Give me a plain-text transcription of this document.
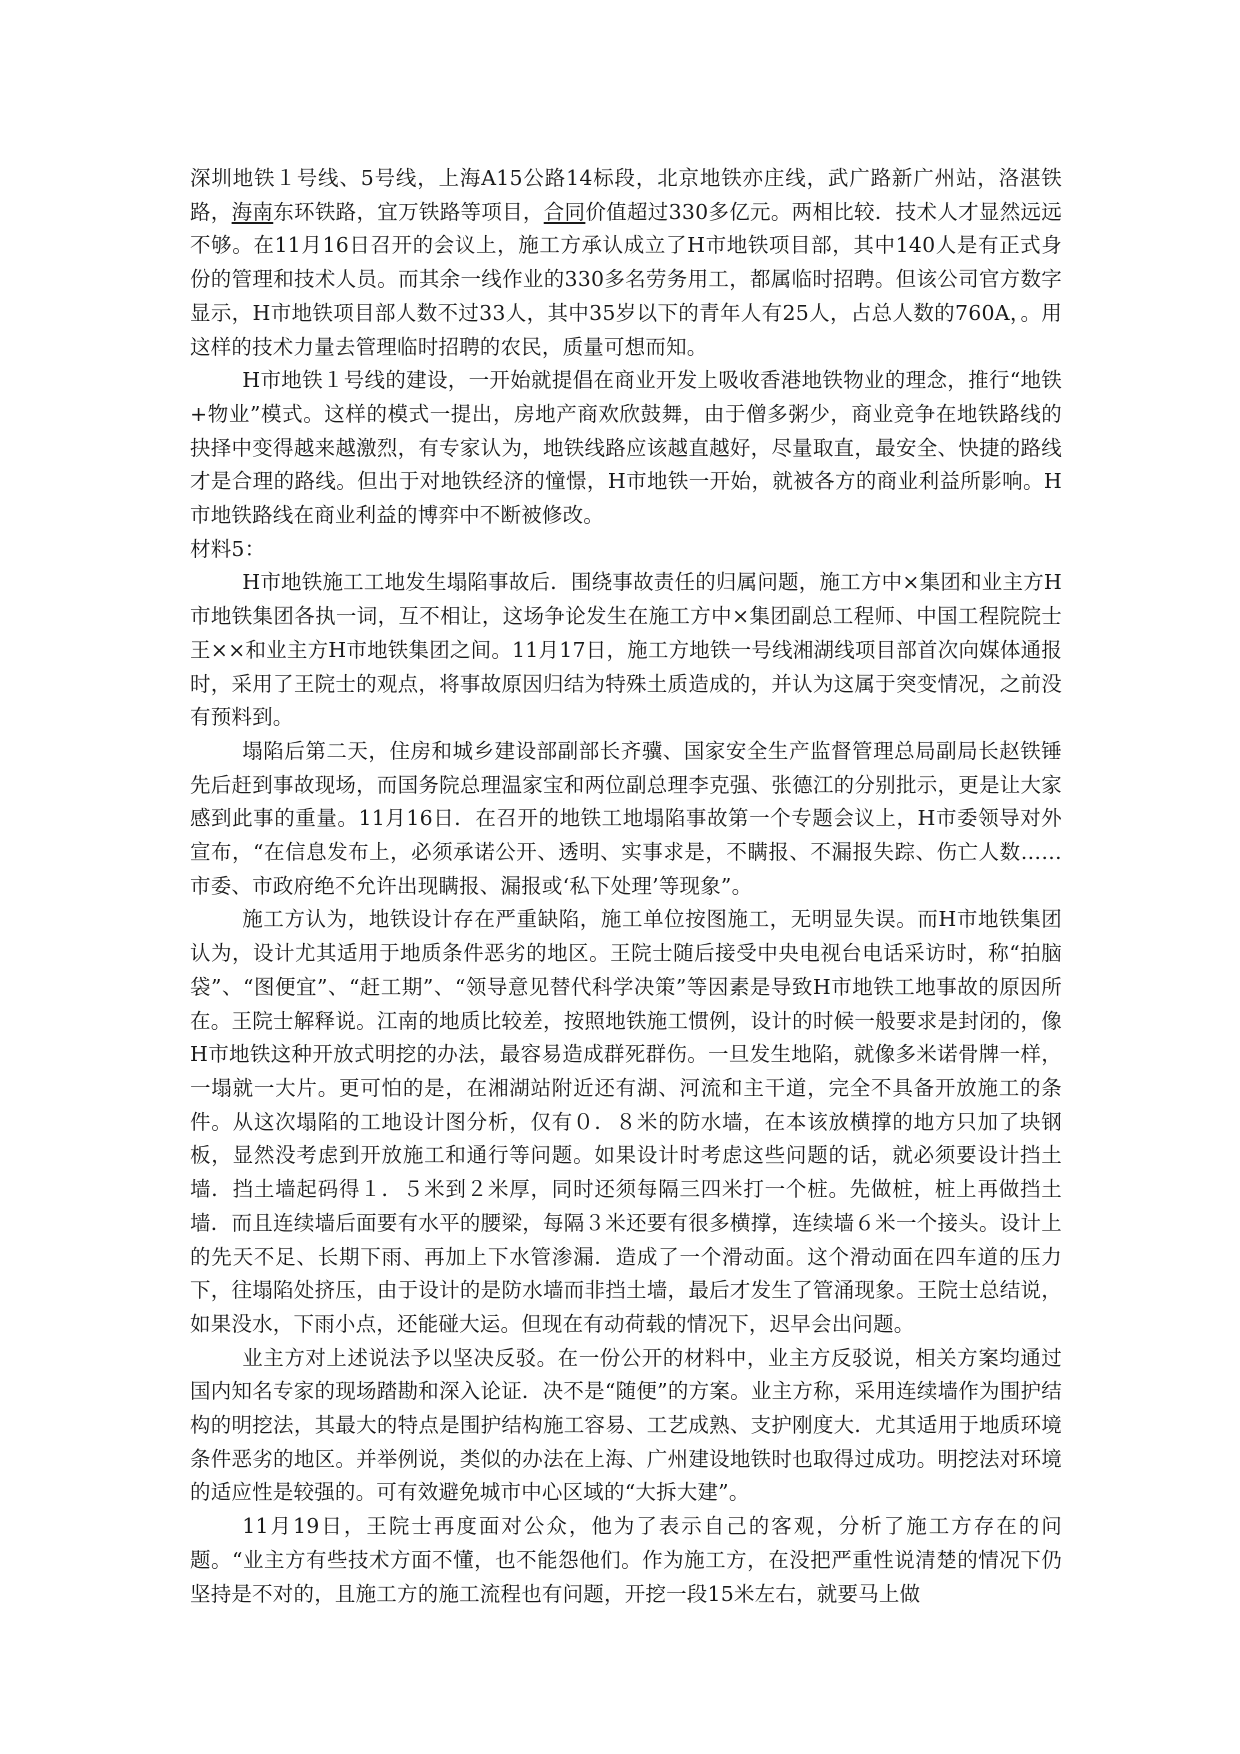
深圳地铁１号线、5号线，上海A15公路14标段，北京地铁亦庄线，武广路新广州站，洛湛铁路，海南东环铁路，宜万铁路等项目，合同价值超过330多亿元。两相比较．技术人才显然远远不够。在11月16日召开的会议上，施工方承认成立了H市地铁项目部，其中140人是有正式身份的管理和技术人员。而其余一线作业的330多名劳务用工，都属临时招聘。但该公司官方数字显示，H市地铁项目部人数不过33人，其中35岁以下的青年人有25人，占总人数的760A，。用这样的技术力量去管理临时招聘的农民，质量可想而知。

H市地铁１号线的建设，一开始就提倡在商业开发上吸收香港地铁物业的理念，推行“地铁+物业”模式。这样的模式一提出，房地产商欢欣鼓舞，由于僧多粥少，商业竞争在地铁路线的抉择中变得越来越激烈，有专家认为，地铁线路应该越直越好，尽量取直，最安全、快捷的路线才是合理的路线。但出于对地铁经济的憧憬，H市地铁一开始，就被各方的商业利益所影响。H市地铁路线在商业利益的博弈中不断被修改。

材料5：

H市地铁施工工地发生塌陷事故后．围绕事故责任的归属问题，施工方中×集团和业主方H市地铁集团各执一词，互不相让，这场争论发生在施工方中×集团副总工程师、中国工程院院士王××和业主方H市地铁集团之间。11月17日，施工方地铁一号线湘湖线项目部首次向媒体通报时，采用了王院士的观点，将事故原因归结为特殊土质造成的，并认为这属于突变情况，之前没有预料到。

塌陷后第二天，住房和城乡建设部副部长齐骥、国家安全生产监督管理总局副局长赵铁锤先后赶到事故现场，而国务院总理温家宝和两位副总理李克强、张德江的分别批示，更是让大家感到此事的重量。11月16日．在召开的地铁工地塌陷事故第一个专题会议上，H市委领导对外宣布，“在信息发布上，必须承诺公开、透明、实事求是，不瞒报、不漏报失踪、伤亡人数……市委、市政府绝不允许出现瞒报、漏报或‘私下处理’等现象”。

施工方认为，地铁设计存在严重缺陷，施工单位按图施工，无明显失误。而H市地铁集团认为，设计尤其适用于地质条件恶劣的地区。王院士随后接受中央电视台电话采访时，称“拍脑袋”、“图便宜”、“赶工期”、“领导意见替代科学决策”等因素是导致H市地铁工地事故的原因所在。王院士解释说。江南的地质比较差，按照地铁施工惯例，设计的时候一般要求是封闭的，像H市地铁这种开放式明挖的办法，最容易造成群死群伤。一旦发生地陷，就像多米诺骨牌一样，一塌就一大片。更可怕的是，在湘湖站附近还有湖、河流和主干道，完全不具备开放施工的条件。从这次塌陷的工地设计图分析，仅有０．８米的防水墙，在本该放横撑的地方只加了块钢板，显然没考虑到开放施工和通行等问题。如果设计时考虑这些问题的话，就必须要设计挡土墙．挡土墙起码得１．５米到２米厚，同时还须每隔三四米打一个桩。先做桩，桩上再做挡土墙．而且连续墙后面要有水平的腰梁，每隔３米还要有很多横撑，连续墙６米一个接头。设计上的先天不足、长期下雨、再加上下水管渗漏．造成了一个滑动面。这个滑动面在四车道的压力下，往塌陷处挤压，由于设计的是防水墙而非挡土墙，最后才发生了管涌现象。王院士总结说，如果没水，下雨小点，还能碰大运。但现在有动荷载的情况下，迟早会出问题。

业主方对上述说法予以坚决反驳。在一份公开的材料中，业主方反驳说，相关方案均通过国内知名专家的现场踏勘和深入论证．决不是“随便”的方案。业主方称，采用连续墙作为围护结构的明挖法，其最大的特点是围护结构施工容易、工艺成熟、支护刚度大．尤其适用于地质环境条件恶劣的地区。并举例说，类似的办法在上海、广州建设地铁时也取得过成功。明挖法对环境的适应性是较强的。可有效避免城市中心区域的“大拆大建”。

11月19日，王院士再度面对公众，他为了表示自己的客观，分析了施工方存在的问题。“业主方有些技术方面不懂，也不能怨他们。作为施工方，在没把严重性说清楚的情况下仍坚持是不对的，且施工方的施工流程也有问题，开挖一段15米左右，就要马上做
